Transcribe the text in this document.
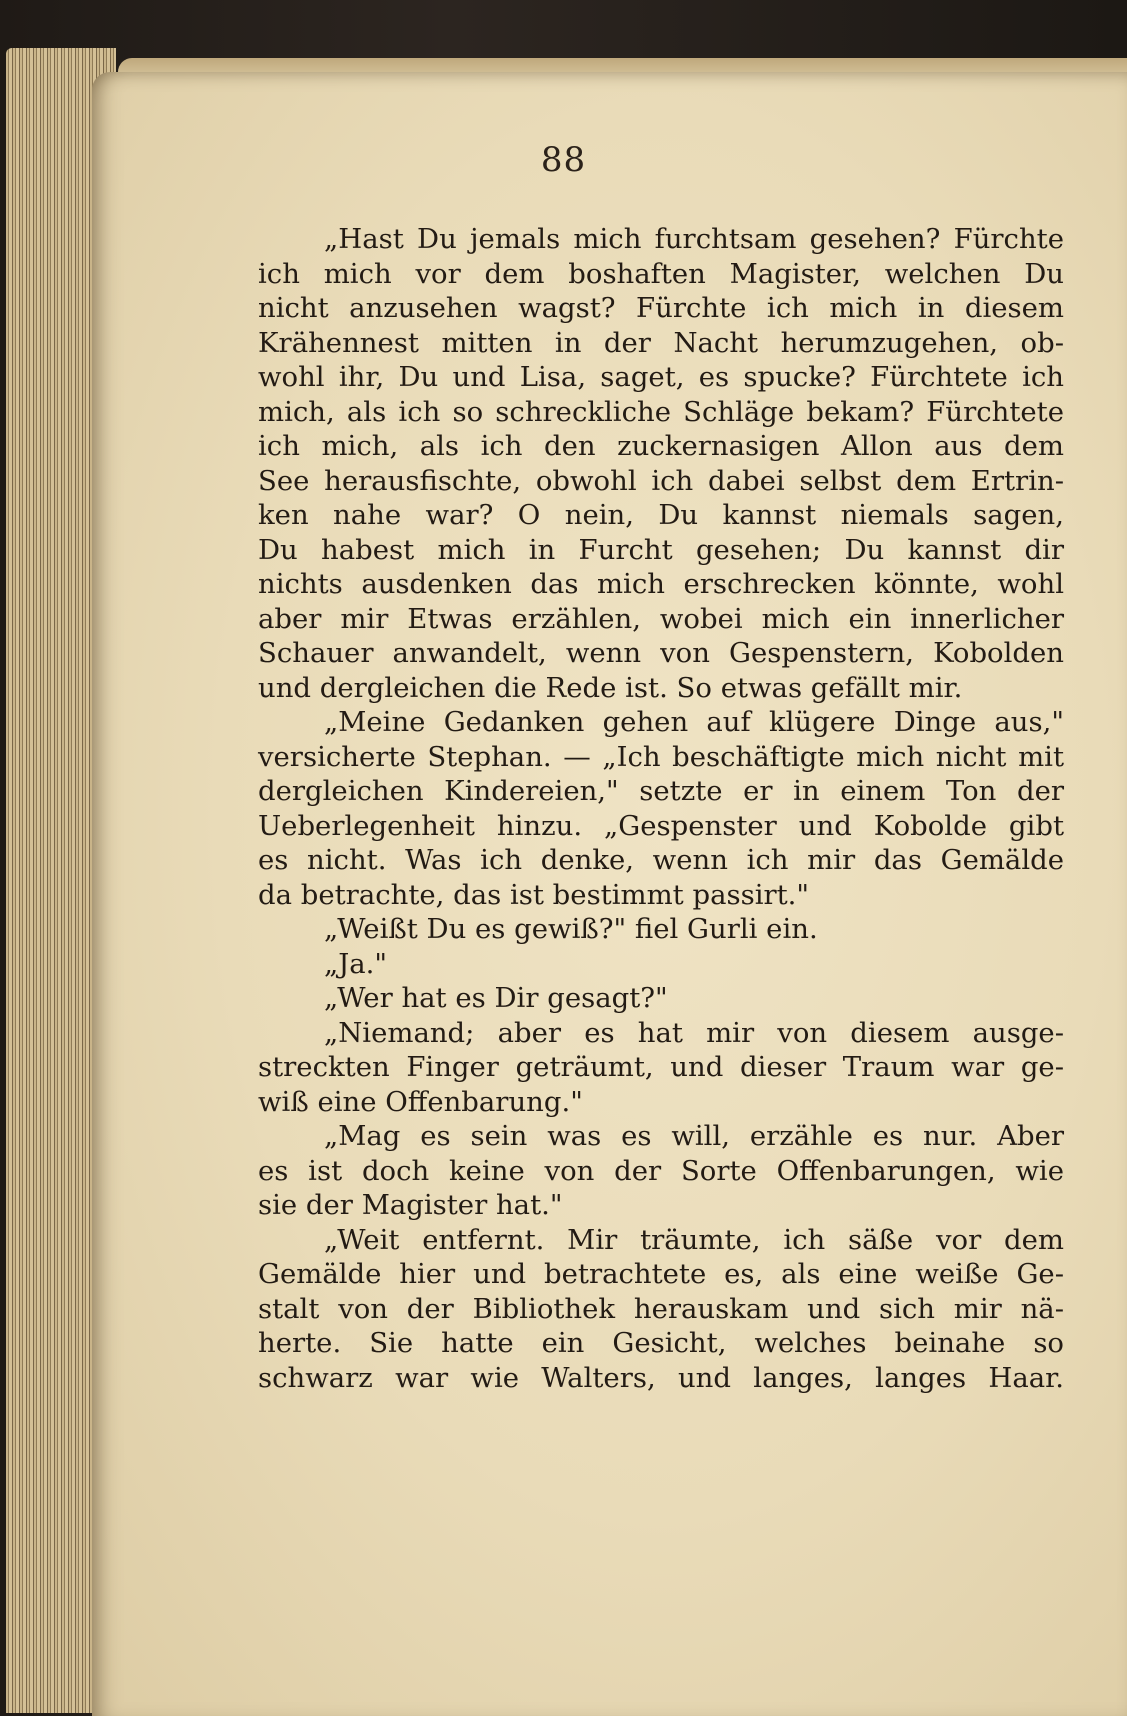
88
„Hast Du jemals mich furchtsam gesehen? Fürchte
ich mich vor dem boshaften Magister, welchen Du
nicht anzusehen wagst? Fürchte ich mich in diesem
Krähennest mitten in der Nacht herumzugehen, ob-
wohl ihr, Du und Lisa, saget, es spucke? Fürchtete ich
mich, als ich so schreckliche Schläge bekam? Fürchtete
ich mich, als ich den zuckernasigen Allon aus dem
See herausfischte, obwohl ich dabei selbst dem Ertrin-
ken nahe war? O nein, Du kannst niemals sagen,
Du habest mich in Furcht gesehen; Du kannst dir
nichts ausdenken das mich erschrecken könnte, wohl
aber mir Etwas erzählen, wobei mich ein innerlicher
Schauer anwandelt, wenn von Gespenstern, Kobolden
und dergleichen die Rede ist. So etwas gefällt mir.
„Meine Gedanken gehen auf klügere Dinge aus,"
versicherte Stephan. — „Ich beschäftigte mich nicht mit
dergleichen Kindereien," setzte er in einem Ton der
Ueberlegenheit hinzu. „Gespenster und Kobolde gibt
es nicht. Was ich denke, wenn ich mir das Gemälde
da betrachte, das ist bestimmt passirt."
„Weißt Du es gewiß?" fiel Gurli ein.
„Ja."
„Wer hat es Dir gesagt?"
„Niemand; aber es hat mir von diesem ausge-
streckten Finger geträumt, und dieser Traum war ge-
wiß eine Offenbarung."
„Mag es sein was es will, erzähle es nur. Aber
es ist doch keine von der Sorte Offenbarungen, wie
sie der Magister hat."
„Weit entfernt. Mir träumte, ich säße vor dem
Gemälde hier und betrachtete es, als eine weiße Ge-
stalt von der Bibliothek herauskam und sich mir nä-
herte. Sie hatte ein Gesicht, welches beinahe so
schwarz war wie Walters, und langes, langes Haar.
